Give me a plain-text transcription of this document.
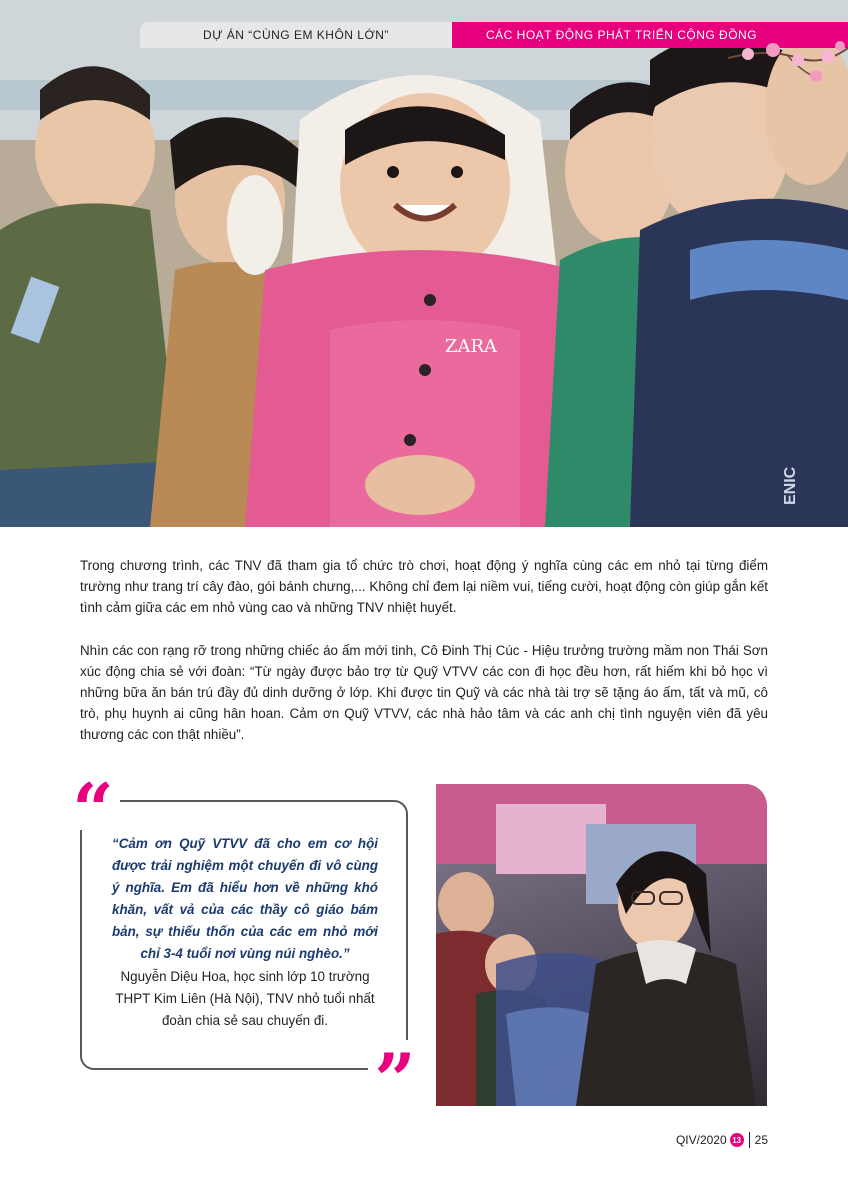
ZARA
ENIC
DỰ ÁN “CÙNG EM KHÔN LỚN”	CÁC HOẠT ĐỘNG PHÁT TRIỂN CỘNG ĐỒNG

Trong chương trình, các TNV đã tham gia tổ chức trò chơi, hoạt động ý nghĩa cùng các em nhỏ tại từng điểm trường như trang trí cây đào, gói bánh chưng,... Không chỉ đem lại niềm vui, tiếng cười, hoạt động còn giúp gắn kết tình cảm giữa các em nhỏ vùng cao và những TNV nhiệt huyết.

Nhìn các con rạng rỡ trong những chiếc áo ấm mới tinh, Cô Đinh Thị Cúc - Hiệu trưởng trường mầm non Thái Sơn xúc động chia sẻ với đoàn: “Từ ngày được bảo trợ từ Quỹ VTVV các con đi học đều hơn, rất hiếm khi bỏ học vì những bữa ăn bán trú đầy đủ dinh dưỡng ở lớp. Khi được tin Quỹ và các nhà tài trợ sẽ tặng áo ấm, tất và mũ, cô trò, phụ huynh ai cũng hân hoan. Cảm ơn Quỹ VTVV, các nhà hảo tâm và các anh chị tình nguyện viên đã yêu thương các con thật nhiều”.

“
”

“Cảm ơn Quỹ VTVV đã cho em cơ hội được trải nghiệm một chuyến đi vô cùng ý nghĩa. Em đã hiểu hơn về những khó khăn, vất vả của các thầy cô giáo bám bản, sự thiếu thốn của các em nhỏ mới chỉ 3-4 tuổi nơi vùng núi nghèo.”

Nguyễn Diệu Hoa, học sinh lớp 10 trường THPT Kim Liên (Hà Nội), TNV nhỏ tuổi nhất đoàn chia sẻ sau chuyến đi.

QIV/2020 13 25
